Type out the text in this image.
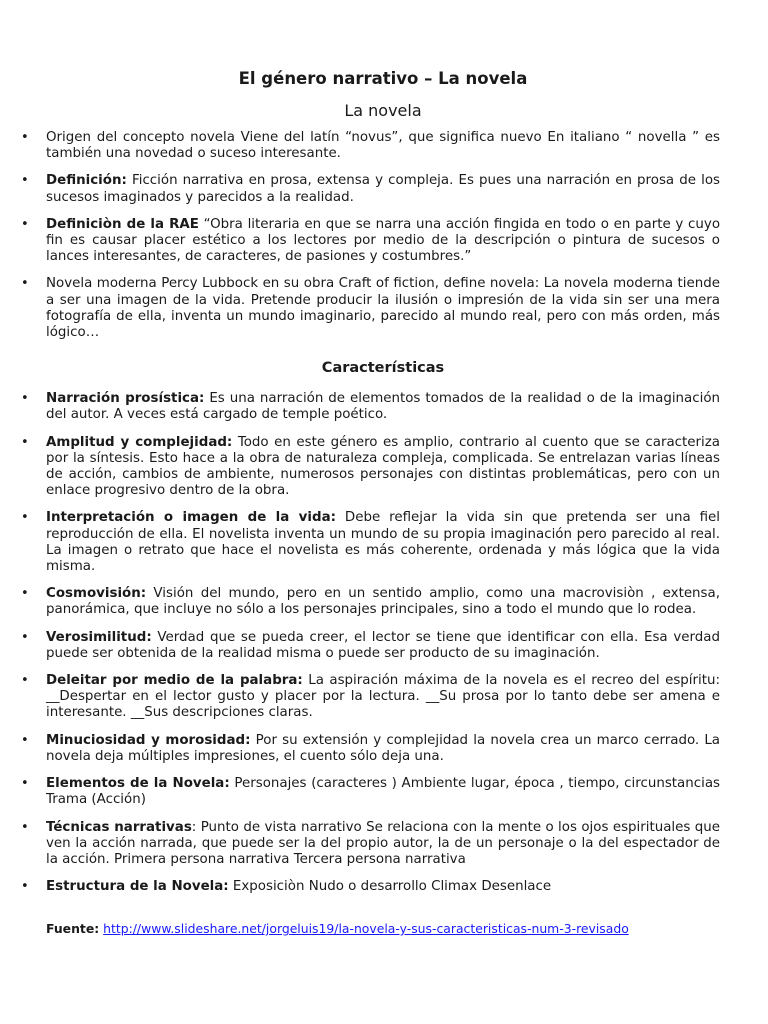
El género narrativo – La novela
La novela
• Origen del concepto novela Viene del latín “novus”, que significa nuevo En italiano “ novella ” es también una novedad o suceso interesante.
• Definición: Ficción narrativa en prosa, extensa y compleja. Es pues una narración en prosa de los sucesos imaginados y parecidos a la realidad.
• Definiciòn de la RAE “Obra literaria en que se narra una acción fingida en todo o en parte y cuyo fin es causar placer estético a los lectores por medio de la descripción o pintura de sucesos o lances interesantes, de caracteres, de pasiones y costumbres.”
• Novela moderna Percy Lubbock en su obra Craft of fiction, define novela: La novela moderna tiende a ser una imagen de la vida. Pretende producir la ilusión o impresión de la vida sin ser una mera fotografía de ella, inventa un mundo imaginario, parecido al mundo real, pero con más orden, más lógico…
Características
• Narración prosística: Es una narración de elementos tomados de la realidad o de la imaginación del autor. A veces está cargado de temple poético.
• Amplitud y complejidad: Todo en este género es amplio, contrario al cuento que se caracteriza por la síntesis. Esto hace a la obra de naturaleza compleja, complicada. Se entrelazan varias líneas de acción, cambios de ambiente, numerosos personajes con distintas problemáticas, pero con un enlace progresivo dentro de la obra.
• Interpretación o imagen de la vida: Debe reflejar la vida sin que pretenda ser una fiel reproducción de ella. El novelista inventa un mundo de su propia imaginación pero parecido al real. La imagen o retrato que hace el novelista es más coherente, ordenada y más lógica que la vida misma.
• Cosmovisión: Visión del mundo, pero en un sentido amplio, como una macrovisiòn , extensa, panorámica, que incluye no sólo a los personajes principales, sino a todo el mundo que lo rodea.
• Verosimilitud: Verdad que se pueda creer, el lector se tiene que identificar con ella. Esa verdad puede ser obtenida de la realidad misma o puede ser producto de su imaginación.
• Deleitar por medio de la palabra: La aspiración máxima de la novela es el recreo del espíritu: __Despertar en el lector gusto y placer por la lectura. __Su prosa por lo tanto debe ser amena e interesante. __Sus descripciones claras.
• Minuciosidad y morosidad: Por su extensión y complejidad la novela crea un marco cerrado. La novela deja múltiples impresiones, el cuento sólo deja una.
• Elementos de la Novela: Personajes (caracteres ) Ambiente lugar, época , tiempo, circunstancias Trama (Acción)
• Técnicas narrativas: Punto de vista narrativo Se relaciona con la mente o los ojos espirituales que ven la acción narrada, que puede ser la del propio autor, la de un personaje o la del espectador de la acción. Primera persona narrativa Tercera persona narrativa
• Estructura de la Novela: Exposiciòn Nudo o desarrollo Climax Desenlace
Fuente: http://www.slideshare.net/jorgeluis19/la-novela-y-sus-caracteristicas-num-3-revisado
